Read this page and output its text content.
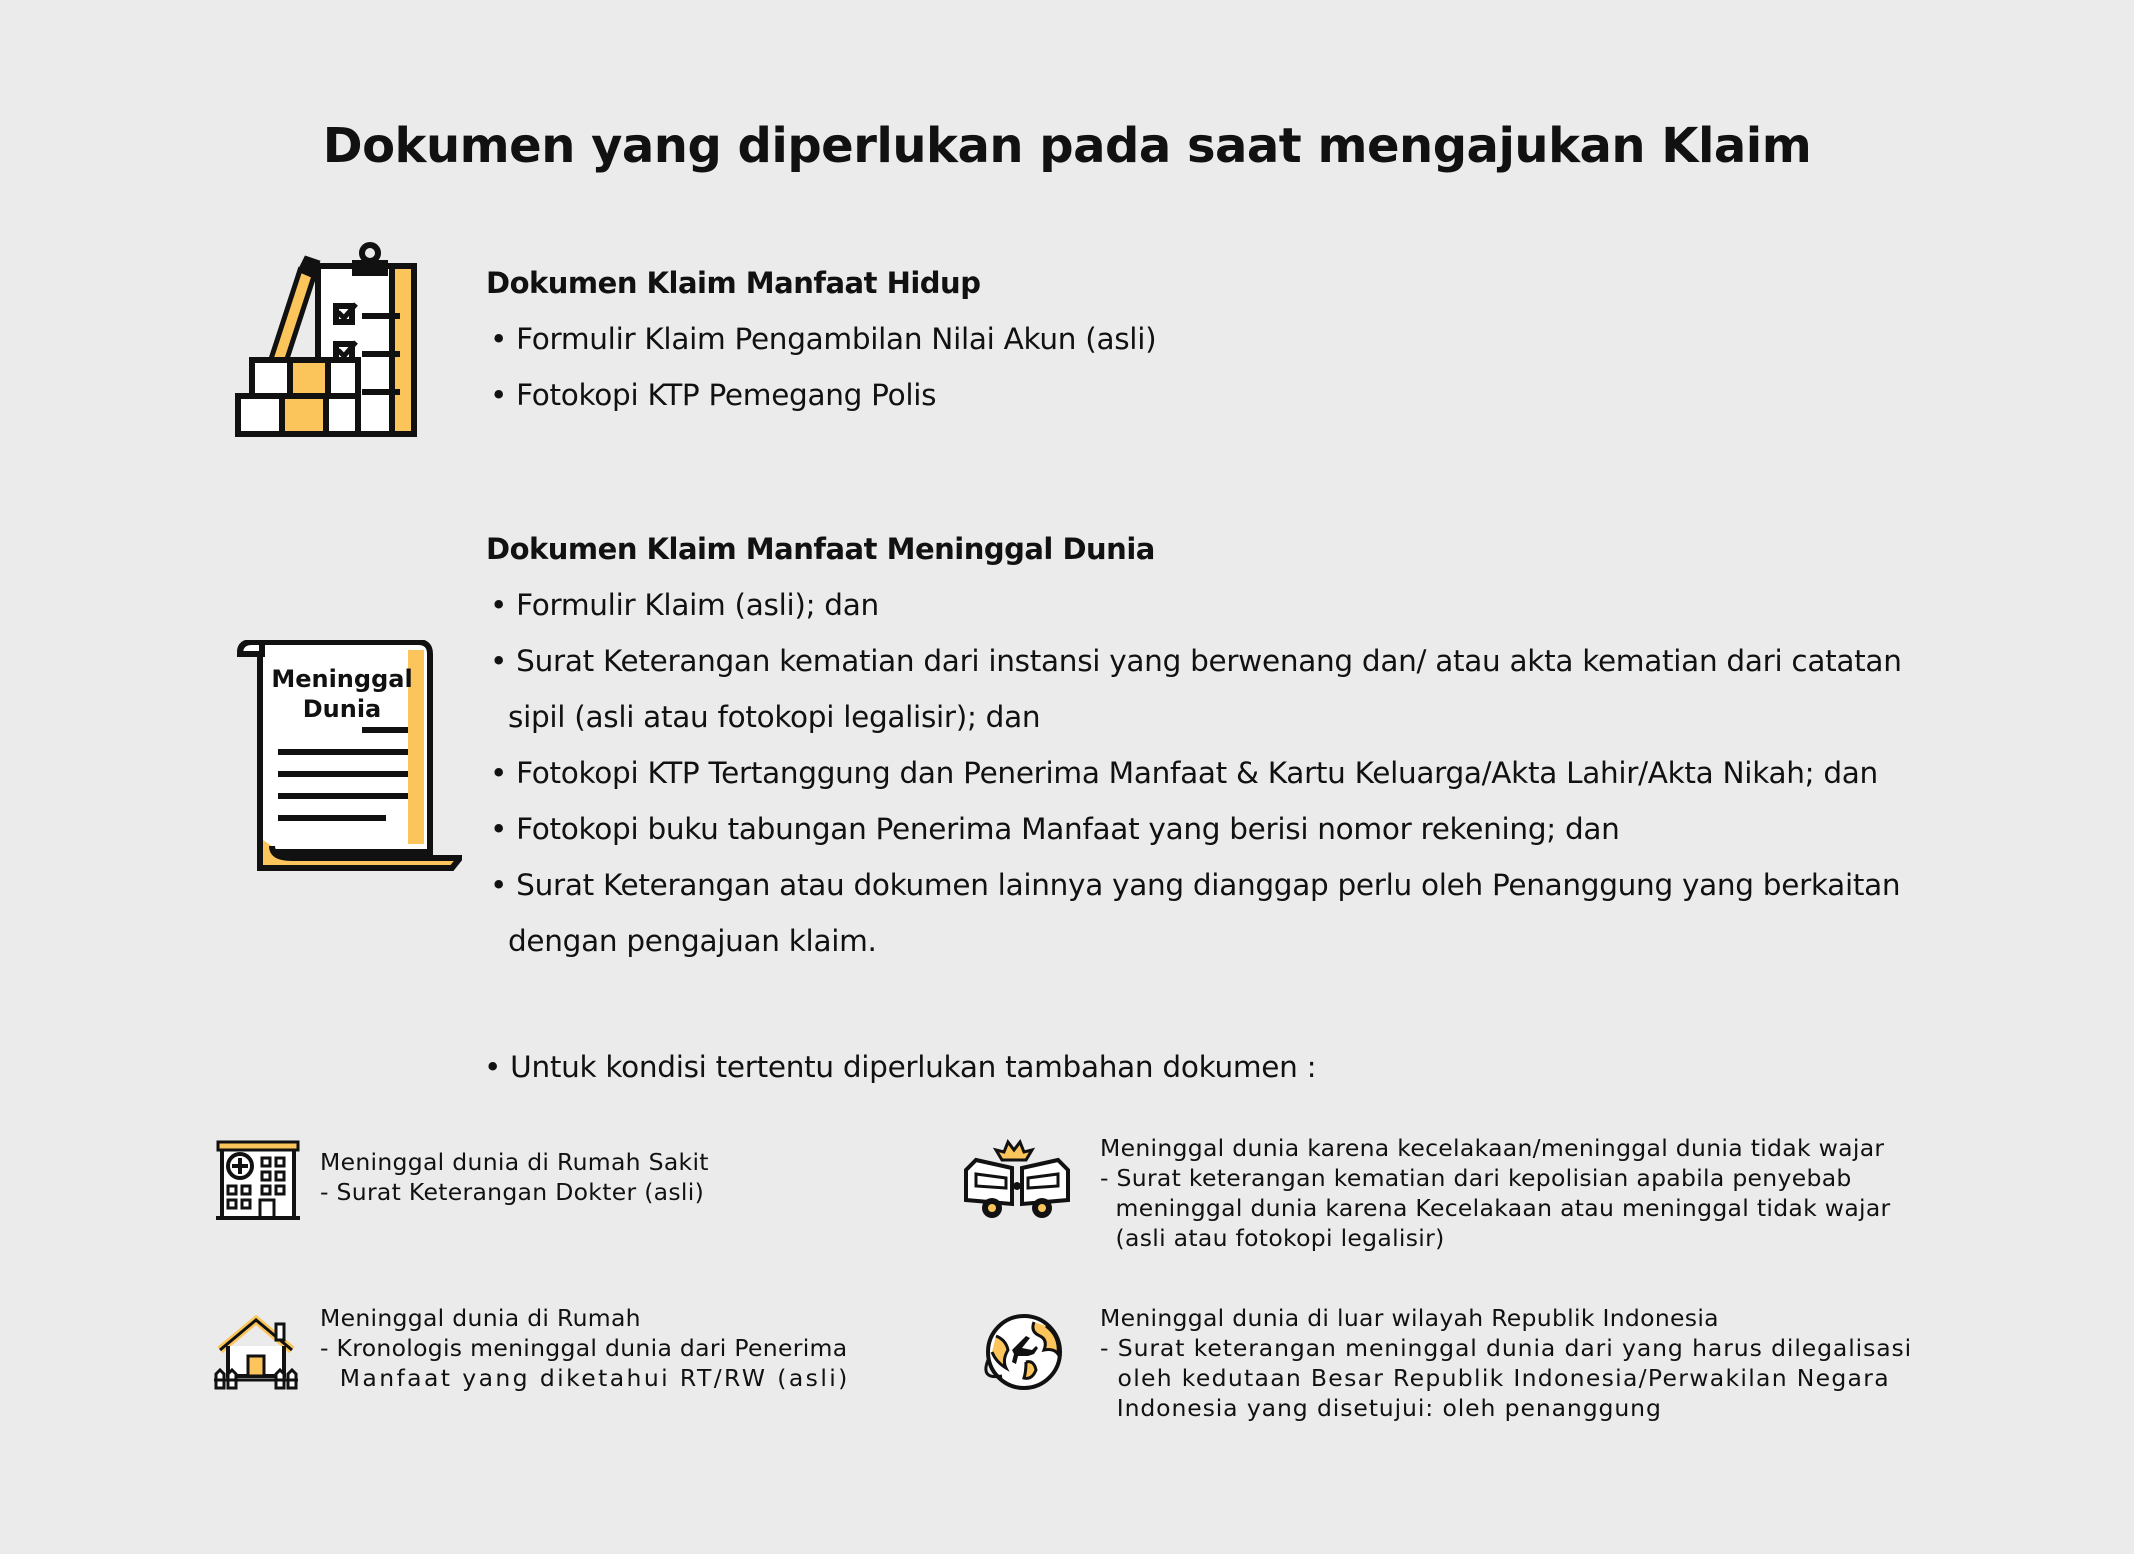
Dokumen yang diperlukan pada saat mengajukan Klaim
Dokumen Klaim Manfaat Hidup
• Formulir Klaim Pengambilan Nilai Akun (asli)
• Fotokopi KTP Pemegang Polis
Meninggal
Dunia
Dokumen Klaim Manfaat Meninggal Dunia
• Formulir Klaim (asli); dan
• Surat Keterangan kematian dari instansi yang berwenang dan/ atau akta kematian dari catatan
sipil (asli atau fotokopi legalisir); dan
• Fotokopi KTP Tertanggung dan Penerima Manfaat & Kartu Keluarga/Akta Lahir/Akta Nikah; dan
• Fotokopi buku tabungan Penerima Manfaat yang berisi nomor rekening; dan
• Surat Keterangan atau dokumen lainnya yang dianggap perlu oleh Penanggung yang berkaitan
dengan pengajuan klaim.
• Untuk kondisi tertentu diperlukan tambahan dokumen :
Meninggal dunia di Rumah Sakit
- Surat Keterangan Dokter (asli)
Meninggal dunia karena kecelakaan/meninggal dunia tidak wajar
- Surat keterangan kematian dari kepolisian apabila penyebab
meninggal dunia karena Kecelakaan atau meninggal tidak wajar
(asli atau fotokopi legalisir)
Meninggal dunia di Rumah
- Kronologis meninggal dunia dari Penerima
Manfaat yang diketahui RT/RW (asli)
Meninggal dunia di luar wilayah Republik Indonesia
- Surat keterangan meninggal dunia dari yang harus dilegalisasi
oleh kedutaan Besar Republik Indonesia/Perwakilan Negara
Indonesia yang disetujui: oleh penanggung
